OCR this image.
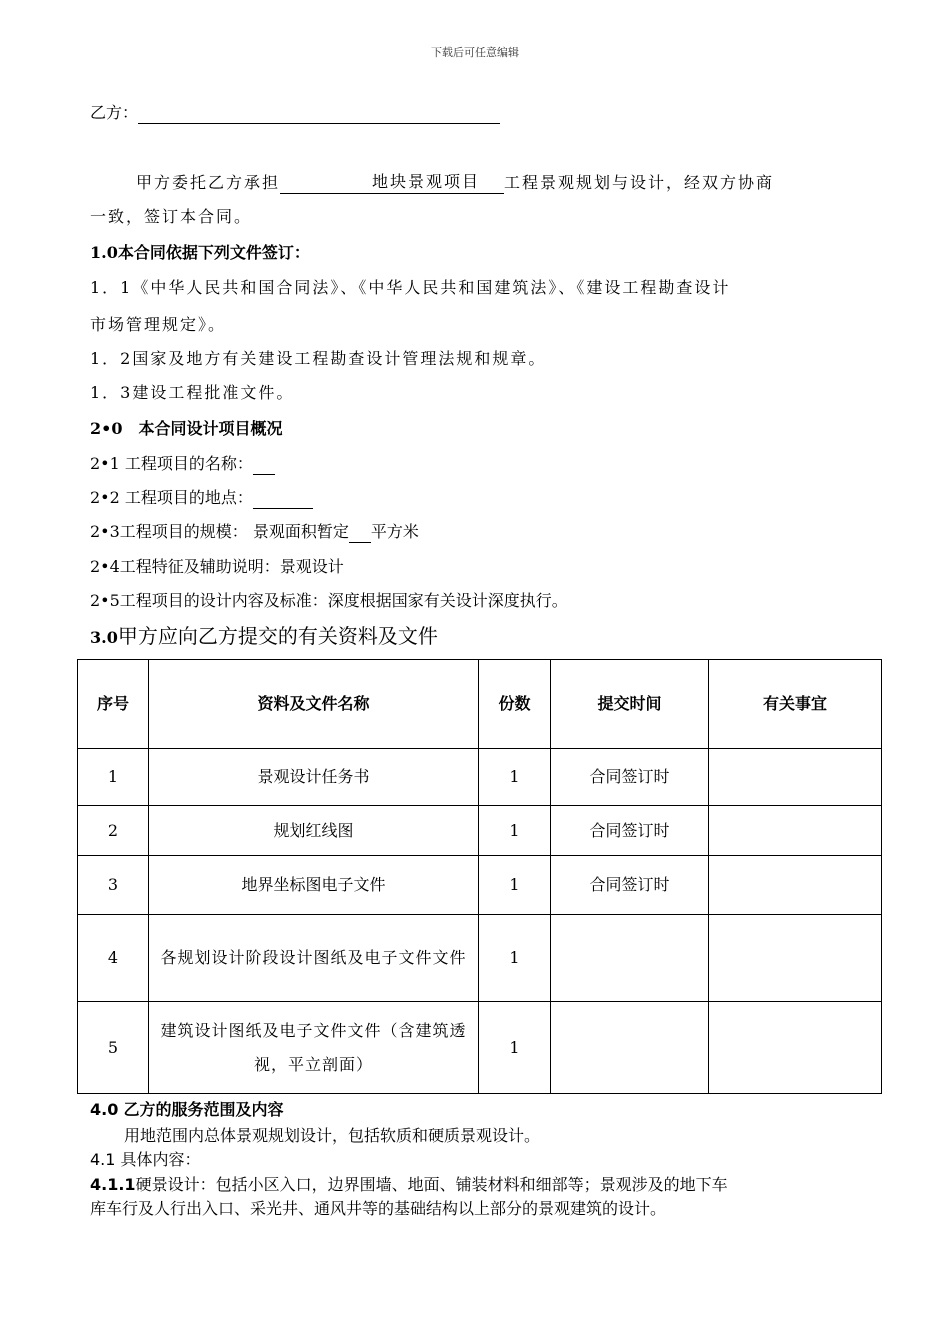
下载后可任意编辑
乙方：
甲方委托乙方承担	地块景观项目 工程景观规划与设计，经双方协商
一致，签订本合同。
1.0本合同依据下列文件签订：
1．1《中华人民共和国合同法》、《中华人民共和国建筑法》、《建设工程勘查设计
市场管理规定》。
1．2国家及地方有关建设工程勘查设计管理法规和规章。
1．3建设工程批准文件。
2•0　本合同设计项目概况
2•1 工程项目的名称：
2•2 工程项目的地点：
2•3工程项目的规模： 景观面积暂定 平方米
2•4工程特征及辅助说明：景观设计
2•5工程项目的设计内容及标准：深度根据国家有关设计深度执行。
3.0甲方应向乙方提交的有关资料及文件
序号	资料及文件名称	份数	提交时间	有关事宜
1	景观设计任务书	1	合同签订时	
2	规划红线图	1	合同签订时	
3	地界坐标图电子文件	1	合同签订时	
4	各规划设计阶段设计图纸及电子文件文件	1		
5	建筑设计图纸及电子文件文件（含建筑透视，平立剖面）	1		
4.0 乙方的服务范围及内容
用地范围内总体景观规划设计，包括软质和硬质景观设计。
4.1 具体内容：
4.1.1硬景设计：包括小区入口，边界围墙、地面、铺装材料和细部等；景观涉及的地下车
库车行及人行出入口、采光井、通风井等的基础结构以上部分的景观建筑的设计。
